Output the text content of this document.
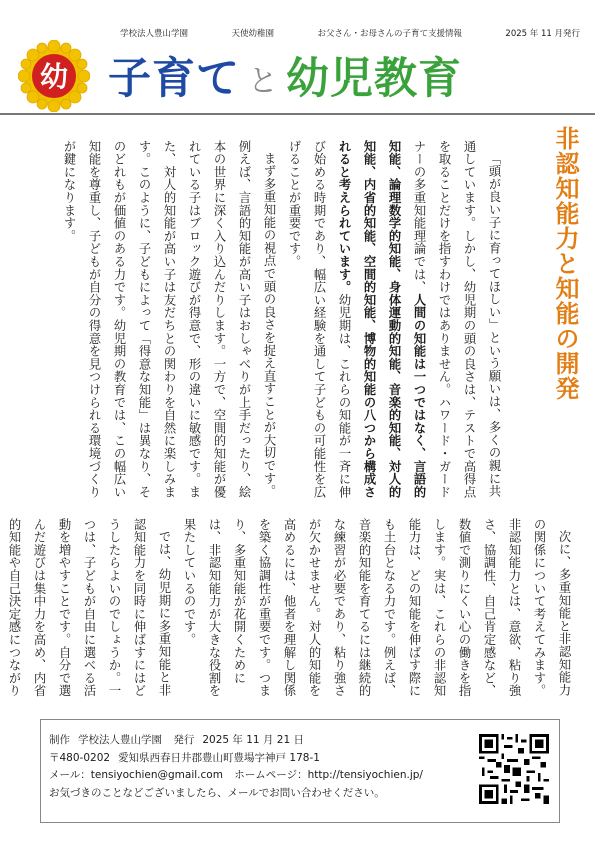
学校法人豊山学園	天使幼稚園	お父さん・お母さんの子育て支援情報	2025 年 11 月発行
幼 子育て と 幼児教育
非認知能力と知能の開発

「頭が良い子に育ってほしい」という願いは、多くの親に共通しています。しかし、幼児期の頭の良さは、テストで高得点を取ることだけを指すわけではありません。ハワード・ガードナーの多重知能理論では、人間の知能は一つではなく、言語的知能、論理数学的知能、身体運動的知能、音楽的知能、対人的知能、内省的知能、空間的知能、博物的知能の八つから構成されると考えられています。幼児期は、これらの知能が一斉に伸び始める時期であり、幅広い経験を通して子どもの可能性を広げることが重要です。

まず多重知能の視点で頭の良さを捉え直すことが大切です。例えば、言語的知能が高い子はおしゃべりが上手だったり、絵本の世界に深く入り込んだりします。一方で、空間的知能が優れている子はブロック遊びが得意で、形の違いに敏感です。また、対人的知能が高い子は友だちとの関わりを自然に楽しみます。このように、子どもによって「得意な知能」は異なり、そのどれもが価値のある力です。幼児期の教育では、この幅広い知能を尊重し、子どもが自分の得意を見つけられる環境づくりが鍵になります。

次に、多重知能と非認知能力の関係について考えてみます。非認知能力とは、意欲、粘り強さ、協調性、自己肯定感など、数値で測りにくい心の働きを指します。実は、これらの非認知能力は、どの知能を伸ばす際にも土台となる力です。例えば、音楽的知能を育てるには継続的な練習が必要であり、粘り強さが欠かせません。対人的知能を高めるには、他者を理解し関係を築く協調性が重要です。つまり、多重知能が花開くためには、非認知能力が大きな役割を果たしているのです。

では、幼児期に多重知能と非認知能力を同時に伸ばすにはどうしたらよいのでしょうか。一つは、子どもが自由に選べる活動を増やすことです。自分で選んだ遊びは集中力を高め、内省的知能や自己決定感につながり

制作 学校法人豊山学園 発行 2025 年 11 月 21 日
〒480-0202 愛知県西春日井郡豊山町豊場字神戸 178-1
メール：tensiyochien@gmail.com ホームページ：http://tensiyochien.jp/
お気づきのことなどございましたら、メールでお問い合わせください。
